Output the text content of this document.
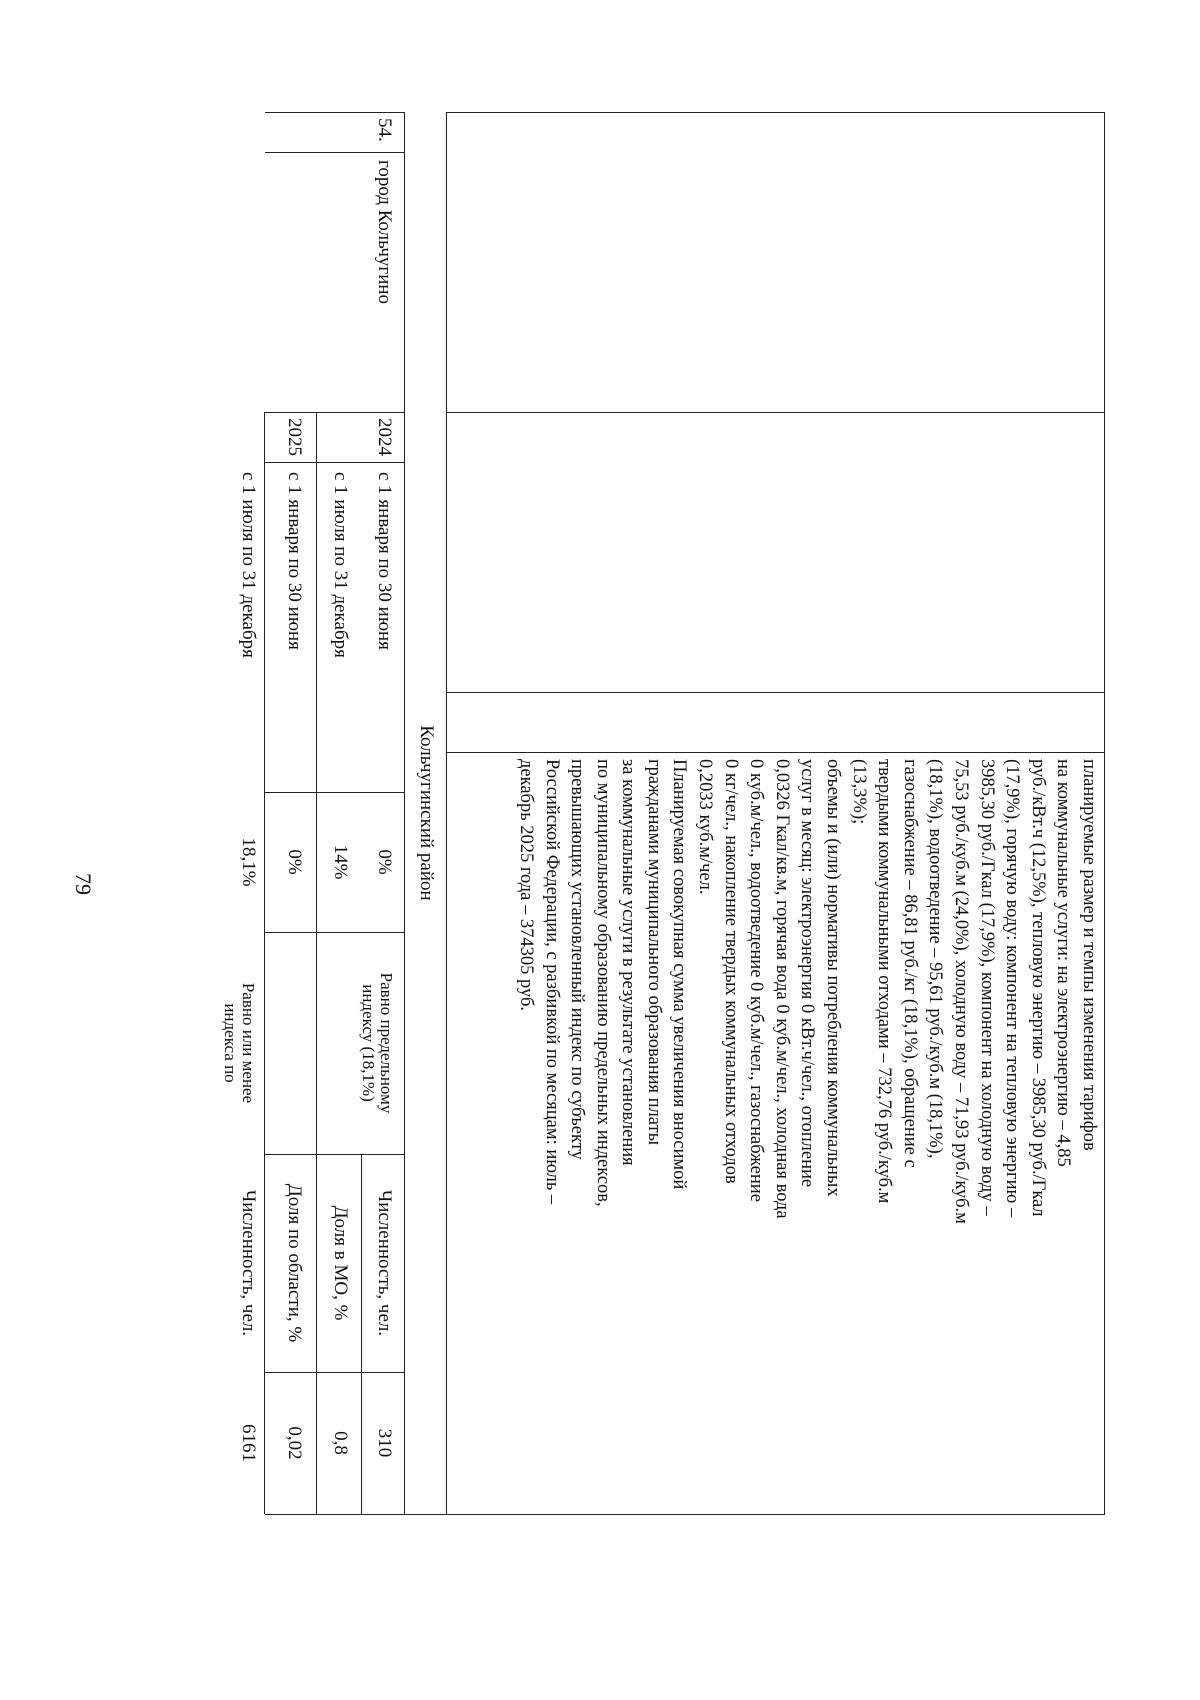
79	планируемые размер и темпы изменения тарифов
на коммунальные услуги: на электроэнергию – 4,85
руб./кВт.ч (12,5%), тепловую энергию – 3985,30 руб./Гкал
(17,9%), горячую воду: компонент на тепловую энергию –
3985,30 руб./Гкал (17,9%), компонент на холодную воду –
75,53 руб./куб.м (24,0%), холодную воду – 71,93 руб./куб.м
(18,1%), водоотведение – 95,61 руб./куб.м (18,1%),
газоснабжение – 86,81 руб./кг (18,1%), обращение с
твердыми коммунальными отходами – 732,76 руб./куб.м
(13,3%);
объемы и (или) нормативы потребления коммунальных
услуг в месяц: электроэнергия 0 кВт.ч/чел., отопление
0,0326 Гкал/кв.м, горячая вода 0 куб.м/чел., холодная вода
0 куб.м/чел., водоотведение 0 куб.м/чел., газоснабжение
0 кг/чел., накопление твердых коммунальных отходов
0,2033 куб.м/чел.
Планируемая совокупная сумма увеличения вносимой
гражданами муниципального образования платы
за коммунальные услуги в результате установления
по муниципальному образованию предельных индексов,
превышающих установленный индекс по субъекту
Российской Федерации, с разбивкой по месяцам: июль –
декабрь 2025 года – 374305 руб.
Кольчугинский район
54.
город Кольчугино
2024
2025
с 1 января по 30 июня
с 1 июля по 31 декабря
с 1 января по 30 июня
с 1 июля по 31 декабря
0%
14%
0%
18,1%
Равно предельному
индексу (18,1%)
Равно или менее
индекса по
Численность, чел.
310
Доля в МО, %
0,8
Доля по области, %
0,02
Численность, чел.
6161
